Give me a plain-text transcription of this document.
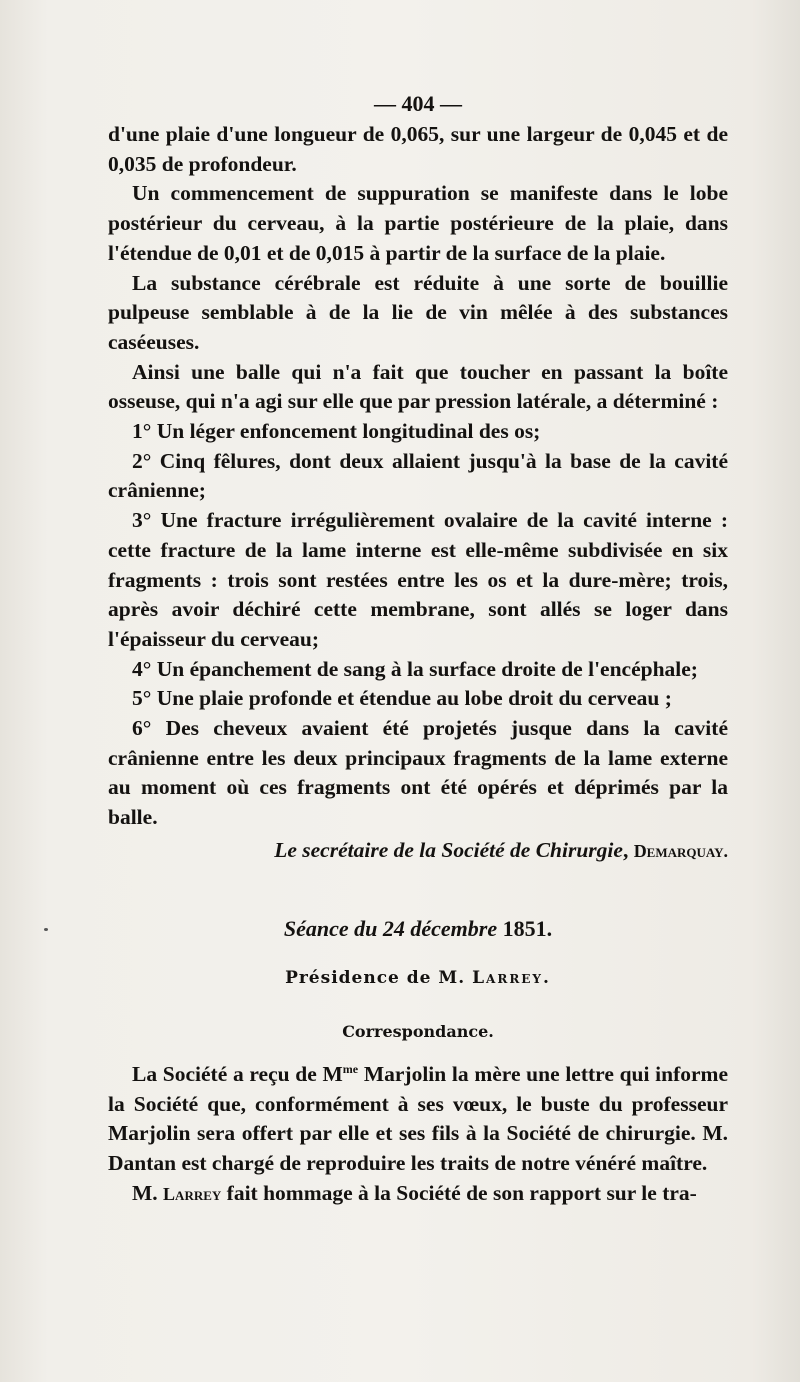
— 404 —

d'une plaie d'une longueur de 0,065, sur une largeur de 0,045 et de 0,035 de profondeur.

Un commencement de suppuration se manifeste dans le lobe postérieur du cerveau, à la partie postérieure de la plaie, dans l'étendue de 0,01 et de 0,015 à partir de la surface de la plaie.

La substance cérébrale est réduite à une sorte de bouillie pulpeuse semblable à de la lie de vin mêlée à des substances caséeuses.

Ainsi une balle qui n'a fait que toucher en passant la boîte osseuse, qui n'a agi sur elle que par pression latérale, a déterminé :

1° Un léger enfoncement longitudinal des os;

2° Cinq fêlures, dont deux allaient jusqu'à la base de la cavité crânienne;

3° Une fracture irrégulièrement ovalaire de la cavité interne : cette fracture de la lame interne est elle-même subdivisée en six fragments : trois sont restées entre les os et la dure-mère; trois, après avoir déchiré cette membrane, sont allés se loger dans l'épaisseur du cerveau;

4° Un épanchement de sang à la surface droite de l'encéphale;

5° Une plaie profonde et étendue au lobe droit du cerveau ;

6° Des cheveux avaient été projetés jusque dans la cavité crânienne entre les deux principaux fragments de la lame externe au moment où ces fragments ont été opérés et déprimés par la balle.

Le secrétaire de la Société de Chirurgie, Demarquay.
Séance du 24 décembre 1851.
Présidence de M. Larrey.
Correspondance.

La Société a reçu de $M^{me}$ Marjolin la mère une lettre qui informe la Société que, conformément à ses vœux, le buste du professeur Marjolin sera offert par elle et ses fils à la Société de chirurgie. M. Dantan est chargé de reproduire les traits de notre vénéré maître.

M. Larrey fait hommage à la Société de son rapport sur le tra-
